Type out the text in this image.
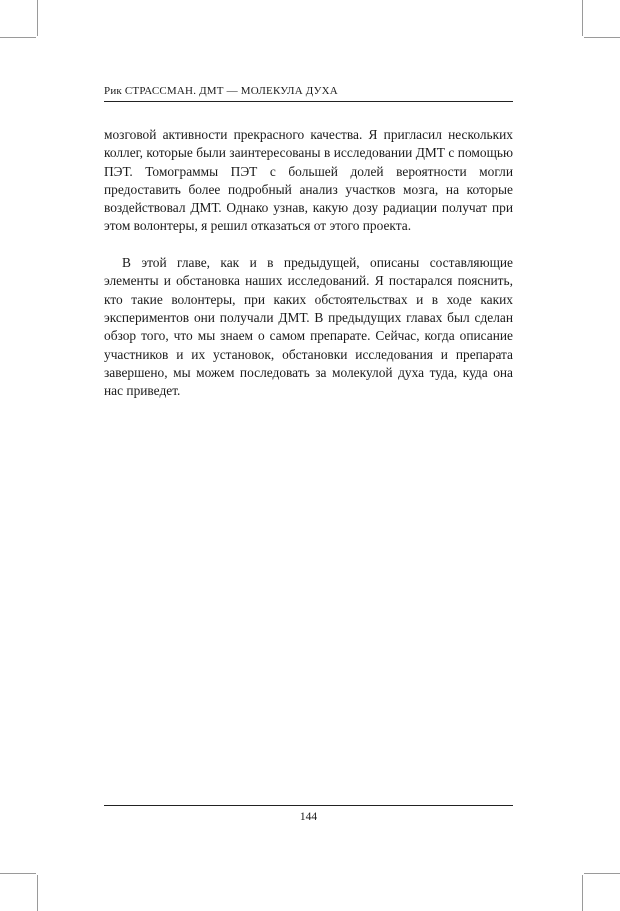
Рик СТРАССМАН. ДМТ — МОЛЕКУЛА ДУХА

мозговой активности прекрасного качества. Я пригласил нескольких коллег, которые были заинтересованы в исследовании ДМТ с помощью ПЭТ. Томограммы ПЭТ с большей долей вероятности могли предоставить более подробный анализ участков мозга, на которые воздействовал ДМТ. Однако узнав, какую дозу радиации получат при этом волонтеры, я решил отказаться от этого проекта.

В этой главе, как и в предыдущей, описаны составляющие элементы и обстановка наших исследований. Я постарался пояснить, кто такие волонтеры, при каких обстоятельствах и в ходе каких экспериментов они получали ДМТ. В предыдущих главах был сделан обзор того, что мы знаем о самом препарате. Сейчас, когда описание участников и их установок, обстановки исследования и препарата завершено, мы можем последовать за молекулой духа туда, куда она нас приведет.

144
